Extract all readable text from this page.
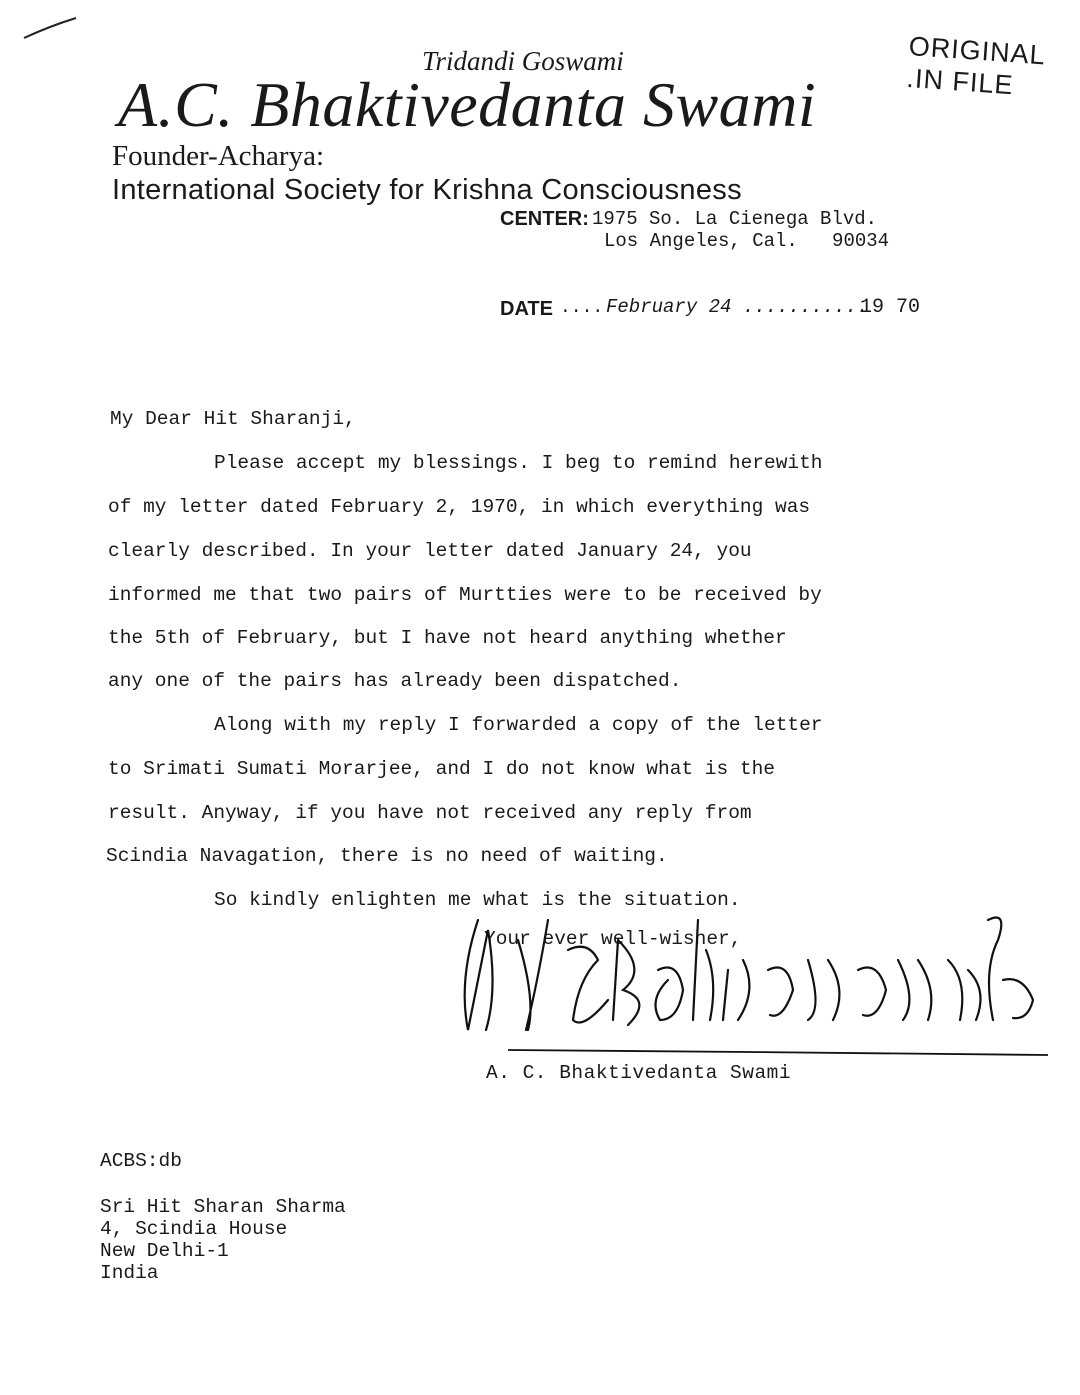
Tridandi Goswami
A.C. Bhaktivedanta Swami
Founder-Acharya:
International Society for Krishna Consciousness
CENTER: 1975 So. La Cienega Blvd.
Los Angeles, Cal.   90034
ORIGINAL
.IN FILE
DATE .... February 24 ...........
19 70
My Dear Hit Sharanji,
Please accept my blessings. I beg to remind herewith
of my letter dated February 2, 1970, in which everything was
clearly described. In your letter dated January 24, you
informed me that two pairs of Murtties were to be received by
the 5th of February, but I have not heard anything whether
any one of the pairs has already been dispatched.
Along with my reply I forwarded a copy of the letter
to Srimati Sumati Morarjee, and I do not know what is the
result. Anyway, if you have not received any reply from
Scindia Navagation, there is no need of waiting.
So kindly enlighten me what is the situation.
Your ever well-wisher,
A. C. Bhaktivedanta Swami
ACBS:db
Sri Hit Sharan Sharma
4, Scindia House
New Delhi-1
India
